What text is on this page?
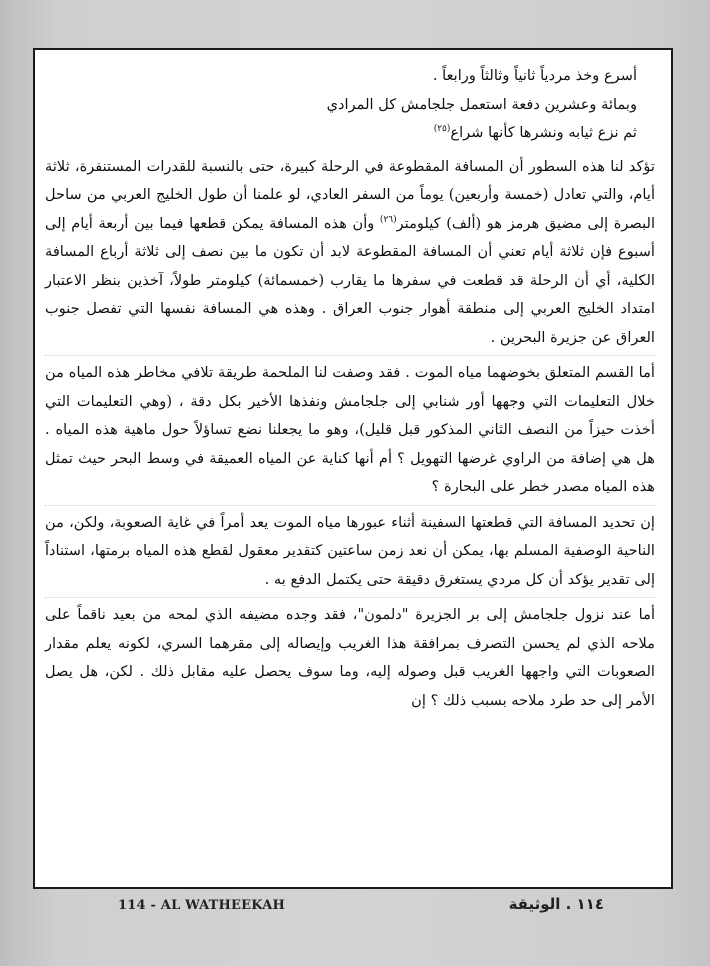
أسرع وخذ مردياً ثانياً وثالثاً ورابعاً .

وبمائة وعشرين دفعة استعمل جلجامش كل المرادي

ثم نزع ثيابه ونشرها كأنها شراع$^{(٢٥)}$

تؤكد لنا هذه السطور أن المسافة المقطوعة في الرحلة كبيرة، حتى بالنسبة للقدرات المستنفرة، ثلاثة أيام، والتي تعادل (خمسة وأربعين) يوماً من السفر العادي، لو علمنا أن طول الخليج العربي من ساحل البصرة إلى مضيق هرمز هو (ألف) كيلومتر$^{(٢٦)}$ وأن هذه المسافة يمكن قطعها فيما بين أربعة أيام إلى أسبوع فإن ثلاثة أيام تعني أن المسافة المقطوعة لابد أن تكون ما بين نصف إلى ثلاثة أرباع المسافة الكلية، أي أن الرحلة قد قطعت في سفرها ما يقارب (خمسمائة) كيلومتر طولاً، آخذين بنظر الاعتبار امتداد الخليج العربي إلى منطقة أهوار جنوب العراق . وهذه هي المسافة نفسها التي تفصل جنوب العراق عن جزيرة البحرين .

أما القسم المتعلق بخوضهما مياه الموت . فقد وصفت لنا الملحمة طريقة تلافي مخاطر هذه المياه من خلال التعليمات التي وجهها أور شنابي إلى جلجامش ونفذها الأخير بكل دقة ، (وهي التعليمات التي أخذت حيزاً من النصف الثاني المذكور قبل قليل)، وهو ما يجعلنا نضع تساؤلاً حول ماهية هذه المياه . هل هي إضافة من الراوي غرضها التهويل ؟ أم أنها كناية عن المياه العميقة في وسط البحر حيث تمثل هذه المياه مصدر خطر على البحارة ؟

إن تحديد المسافة التي قطعتها السفينة أثناء عبورها مياه الموت يعد أمراً في غاية الصعوبة، ولكن، من الناحية الوصفية المسلم بها، يمكن أن نعد زمن ساعتين كتقدير معقول لقطع هذه المياه برمتها، استناداً إلى تقدير يؤكد أن كل مردي يستغرق دقيقة حتى يكتمل الدفع به .

أما عند نزول جلجامش إلى بر الجزيرة "دلمون"، فقد وجده مضيفه الذي لمحه من بعيد ناقماً على ملاحه الذي لم يحسن التصرف بمرافقة هذا الغريب وإيصاله إلى مقرهما السري، لكونه يعلم مقدار الصعوبات التي واجهها الغريب قبل وصوله إليه، وما سوف يحصل عليه مقابل ذلك . لكن، هل يصل الأمر إلى حد طرد ملاحه بسبب ذلك ؟ إن

114 - AL WATHEEKAH	١١٤ . الوثيقة
